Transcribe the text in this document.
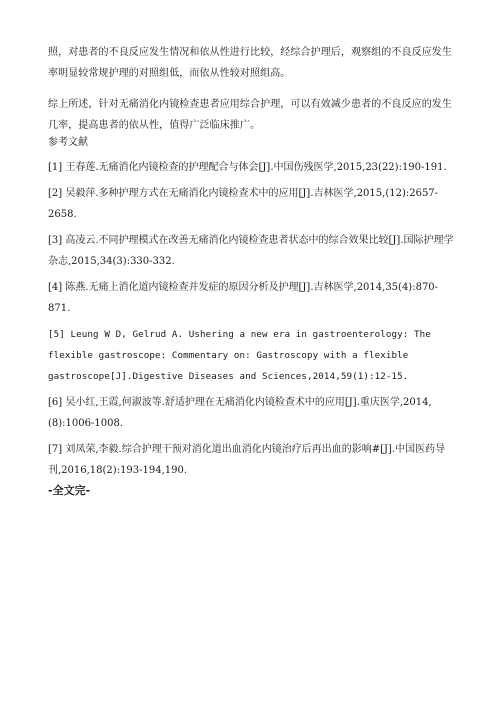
照，对患者的不良反应发生情况和依从性进行比较，经综合护理后，观察组的不良反应发生率明显较常规护理的对照组低，而依从性较对照组高。

综上所述，针对无痛消化内镜检查患者应用综合护理，可以有效减少患者的不良反应的发生几率，提高患者的依从性，值得广泛临床推广。

参考文献

[1] 王春莲.无痛消化内镜检查的护理配合与体会[J].中国伤残医学,2015,23(22):190-191.
[2] 吴毅萍.多种护理方式在无痛消化内镜检查术中的应用[J].吉林医学,2015,(12):2657-2658.
[3] 高凌云.不同护理模式在改善无痛消化内镜检查患者状态中的综合效果比较[J].国际护理学杂志,2015,34(3):330-332.
[4] 陈燕.无痛上消化道内镜检查并发症的原因分析及护理[J].吉林医学,2014,35(4):870-871.
[5] Leung W D, Gelrud A. Ushering a new era in gastroenterology: The flexible gastroscope: Commentary on: Gastroscopy with a flexible gastroscope[J].Digestive Diseases and Sciences,2014,59(1):12-15.
[6] 吴小红,王霞,何淑波等.舒适护理在无痛消化内镜检查术中的应用[J].重庆医学,2014,(8):1006-1008.
[7] 刘凤荣,李毅.综合护理干预对消化道出血消化内镜治疗后再出血的影响#[J].中国医药导刊,2016,18(2):193-194,190.

-全文完-
